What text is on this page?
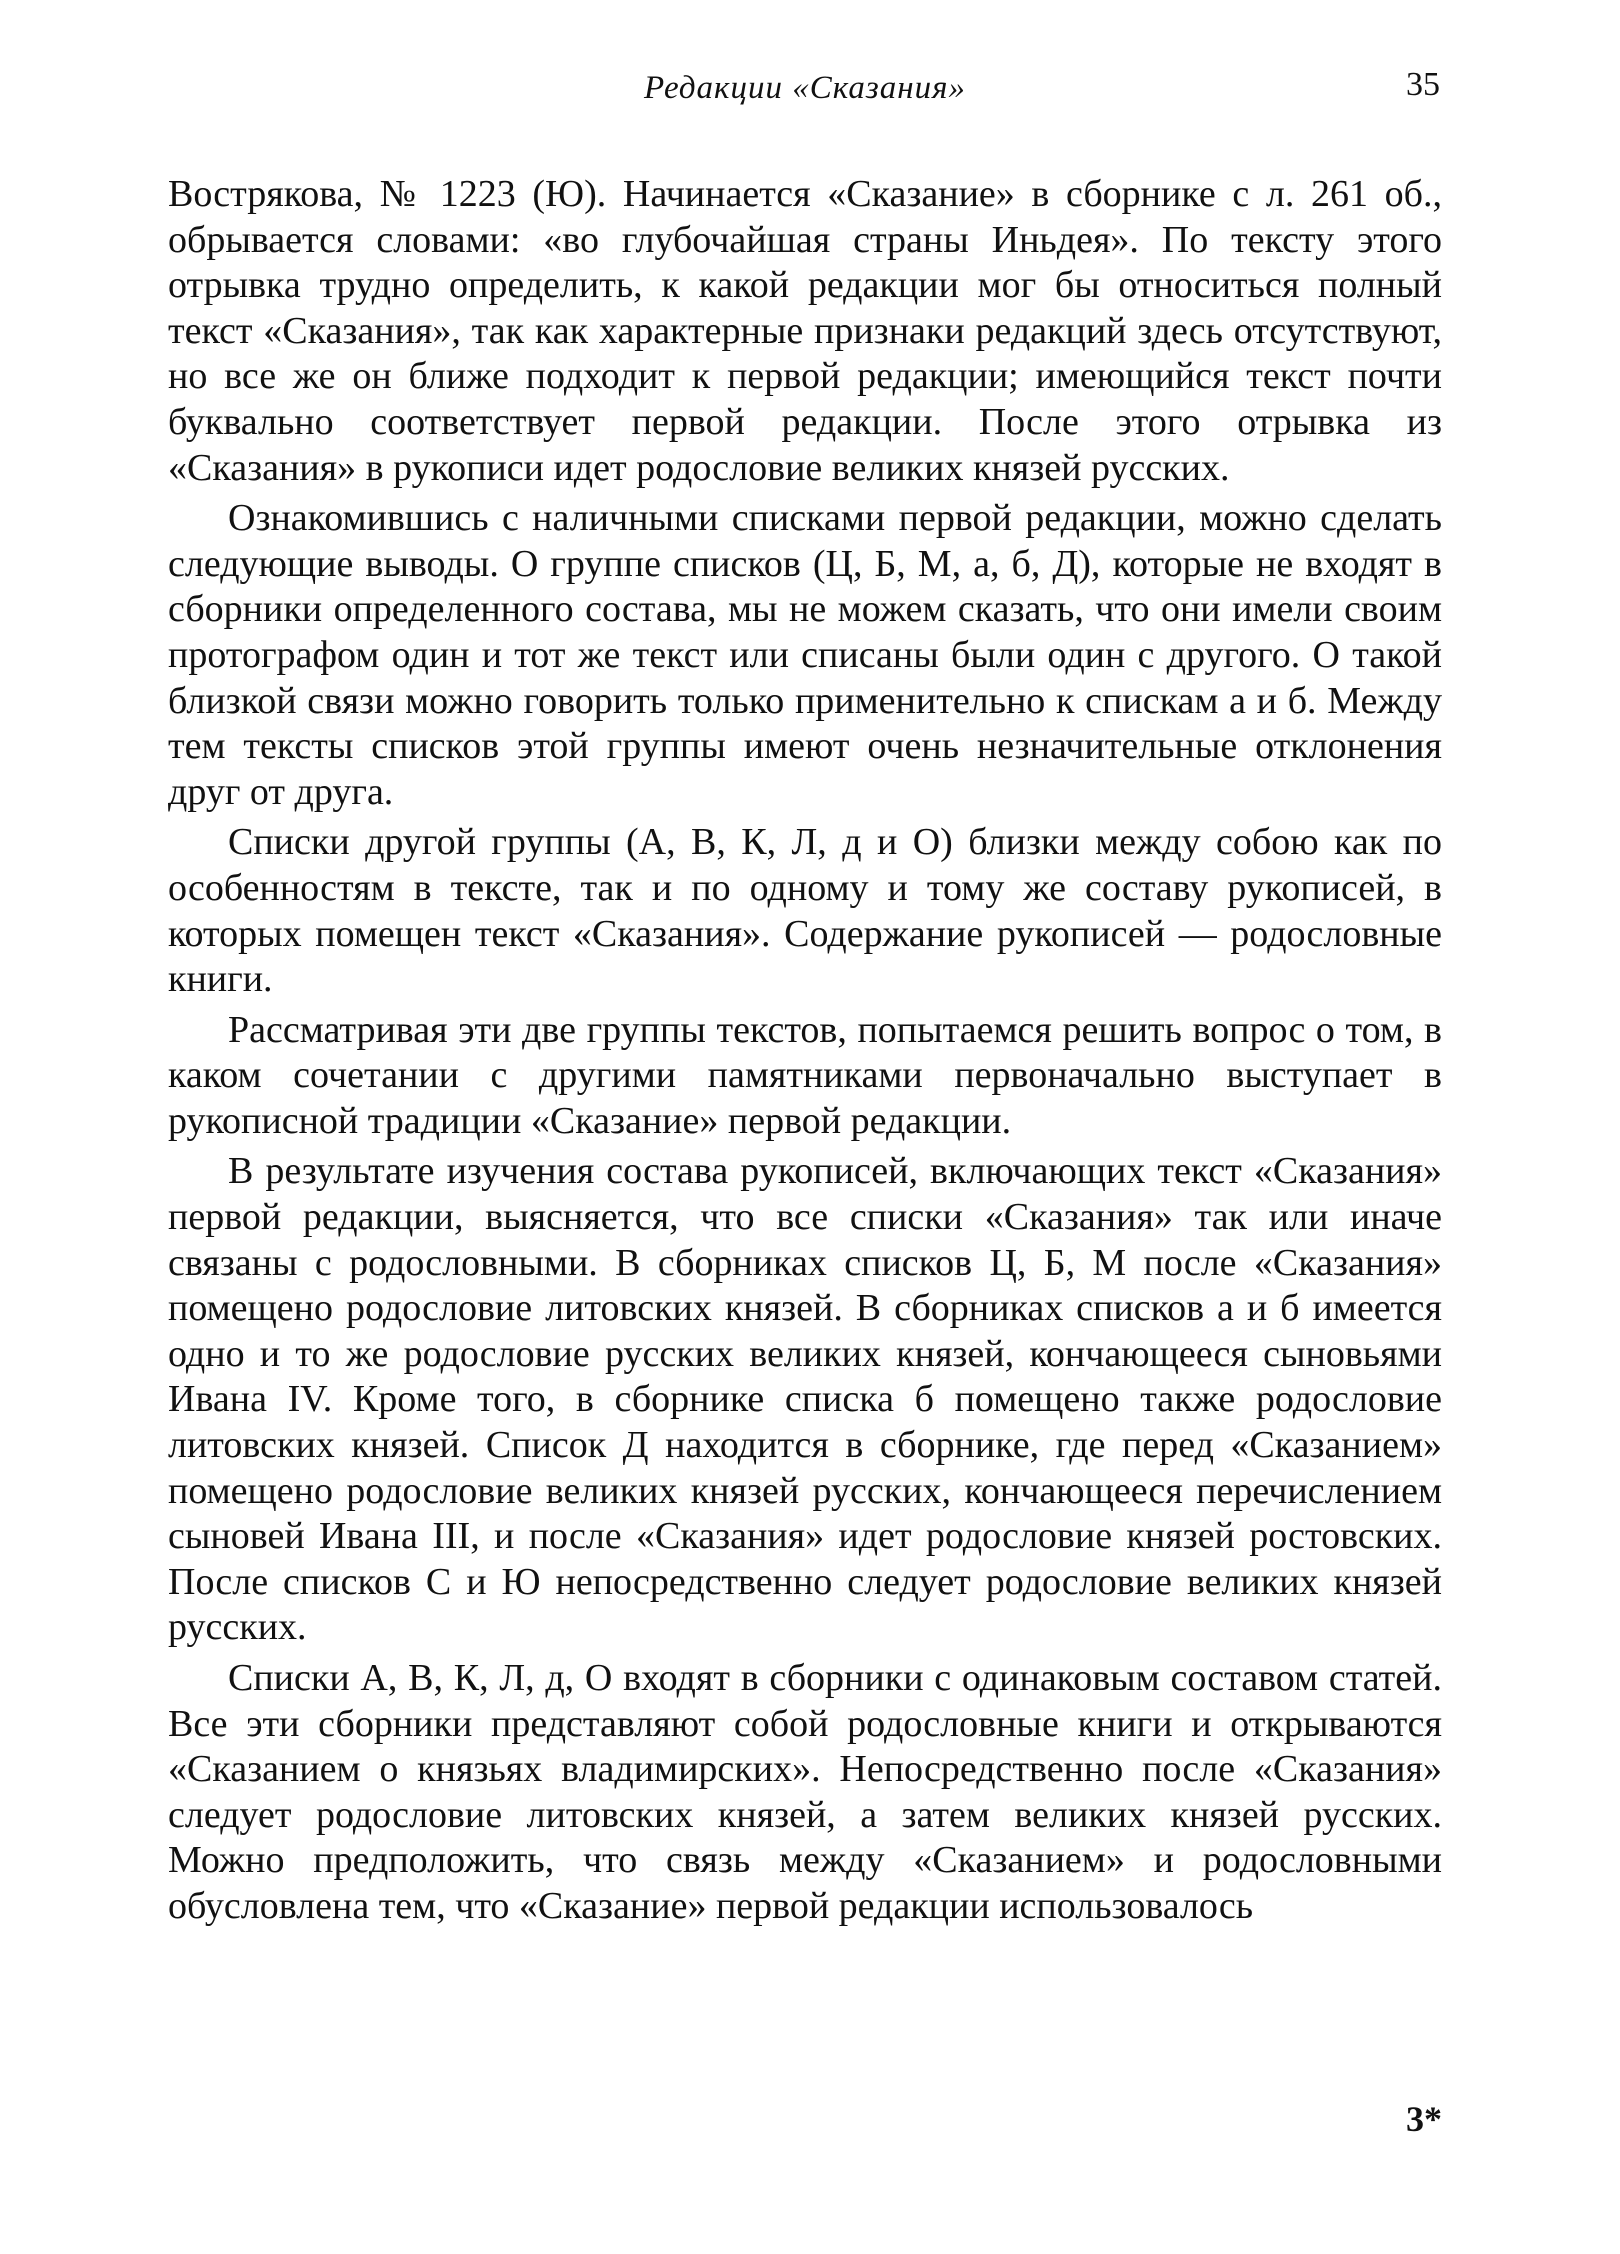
Редакции «Сказания»	35

Вострякова, № 1223 (Ю). Начинается «Сказание» в сборнике с л. 261 об., обрывается словами: «во глубочайшая страны Иньдея». По тексту этого отрывка трудно определить, к какой редакции мог бы относиться полный текст «Сказания», так как характерные признаки редакций здесь отсутствуют, но все же он ближе подходит к первой редакции; имеющийся текст почти буквально соответствует первой редакции. После этого отрывка из «Сказания» в рукописи идет родословие великих князей русских.

Ознакомившись с наличными списками первой редакции, можно сделать следующие выводы. О группе списков (Ц, Б, М, а, б, Д), которые не входят в сборники определенного состава, мы не можем сказать, что они имели своим протографом один и тот же текст или списаны были один с другого. О такой близкой связи можно говорить только применительно к спискам а и б. Между тем тексты списков этой группы имеют очень незначительные отклонения друг от друга.

Списки другой группы (А, В, К, Л, д и О) близки между собою как по особенностям в тексте, так и по одному и тому же составу рукописей, в которых помещен текст «Сказания». Содержание рукописей — родословные книги.

Рассматривая эти две группы текстов, попытаемся решить вопрос о том, в каком сочетании с другими памятниками первоначально выступает в рукописной традиции «Сказание» первой редакции.

В результате изучения состава рукописей, включающих текст «Сказания» первой редакции, выясняется, что все списки «Сказания» так или иначе связаны с родословными. В сборниках списков Ц, Б, М после «Сказания» помещено родословие литовских князей. В сборниках списков а и б имеется одно и то же родословие русских великих князей, кончающееся сыновьями Ивана IV. Кроме того, в сборнике списка б помещено также родословие литовских князей. Список Д находится в сборнике, где перед «Сказанием» помещено родословие великих князей русских, кончающееся перечислением сыновей Ивана III, и после «Сказания» идет родословие князей ростовских. После списков С и Ю непосредственно следует родословие великих князей русских.

Списки А, В, К, Л, д, О входят в сборники с одинаковым составом статей. Все эти сборники представляют собой родословные книги и открываются «Сказанием о князьях владимирских». Непосредственно после «Сказания» следует родословие литовских князей, а затем великих князей русских. Можно предположить, что связь между «Сказанием» и родословными обусловлена тем, что «Сказание» первой редакции использовалось

3*
